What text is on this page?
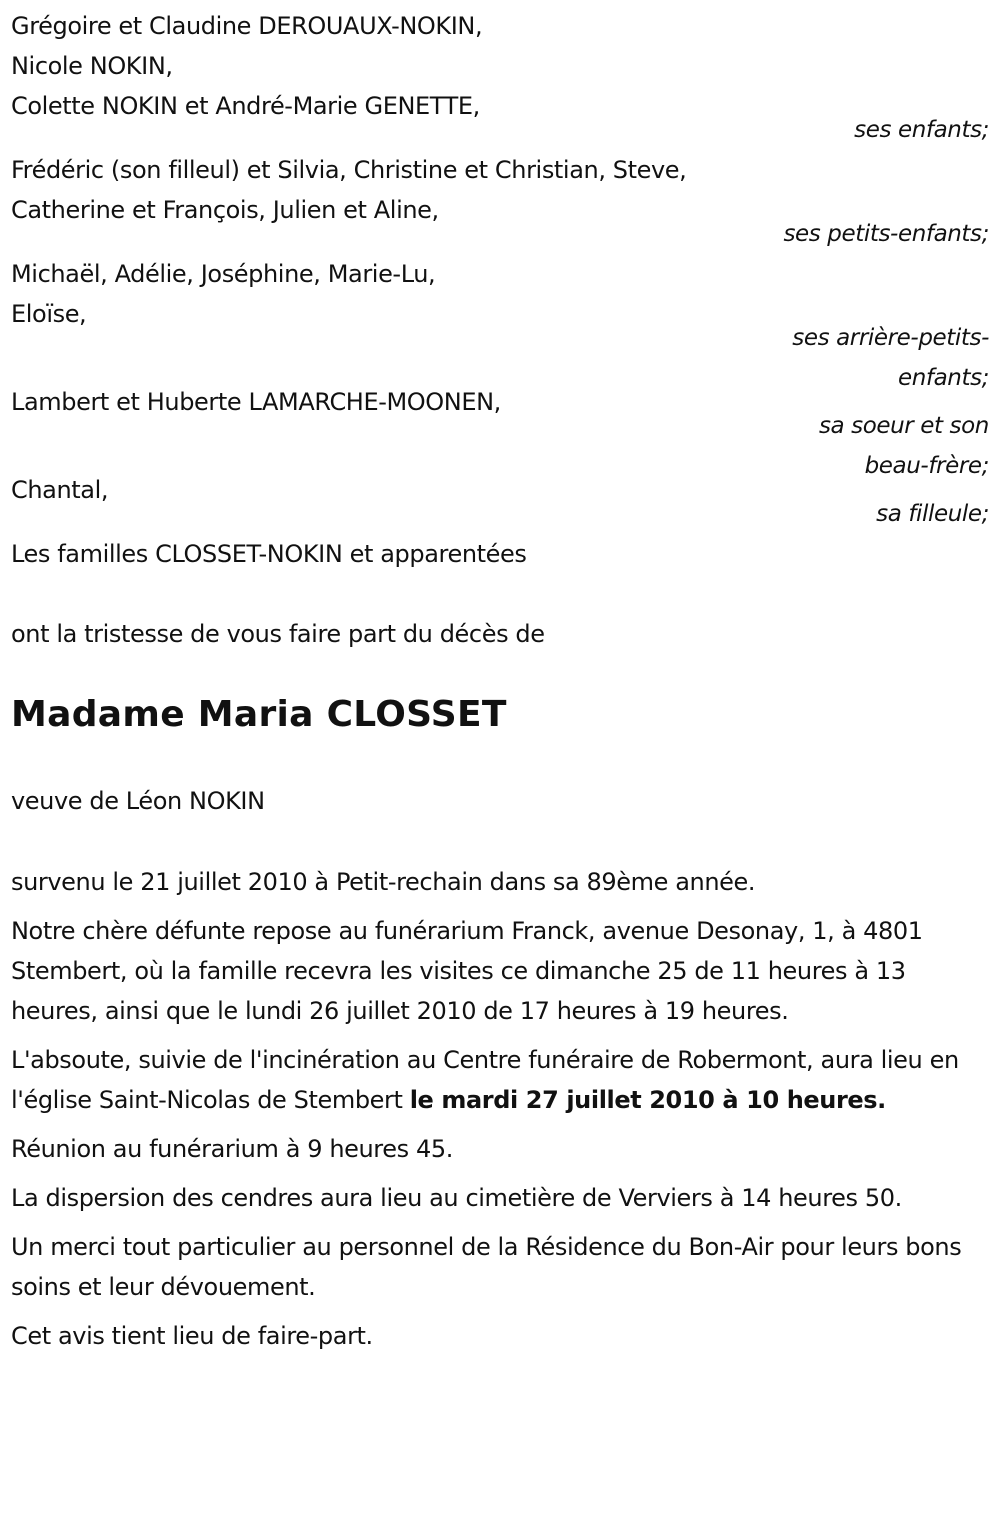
Grégoire et Claudine DEROUAUX-NOKIN,
Nicole NOKIN,
Colette NOKIN et André-Marie GENETTE,
ses enfants;
Frédéric (son filleul) et Silvia, Christine et Christian, Steve,
Catherine et François, Julien et Aline,
ses petits-enfants;
Michaël, Adélie, Joséphine, Marie-Lu,
Eloïse,
ses arrière-petits-
enfants;
Lambert et Huberte LAMARCHE-MOONEN,
sa soeur et son
beau-frère;
Chantal,
sa filleule;
Les familles CLOSSET-NOKIN et apparentées
ont la tristesse de vous faire part du décès de
Madame Maria CLOSSET
veuve de Léon NOKIN

survenu le 21 juillet 2010 à Petit-rechain dans sa 89ème année.

Notre chère défunte repose au funérarium Franck, avenue Desonay, 1, à 4801 Stembert, où la famille recevra les visites ce dimanche 25 de 11 heures à 13 heures, ainsi que le lundi 26 juillet 2010 de 17 heures à 19 heures.

L'absoute, suivie de l'incinération au Centre funéraire de Robermont, aura lieu en l'église Saint-Nicolas de Stembert le mardi 27 juillet 2010 à 10 heures.

Réunion au funérarium à 9 heures 45.

La dispersion des cendres aura lieu au cimetière de Verviers à 14 heures 50.

Un merci tout particulier au personnel de la Résidence du Bon-Air pour leurs bons soins et leur dévouement.

Cet avis tient lieu de faire-part.
